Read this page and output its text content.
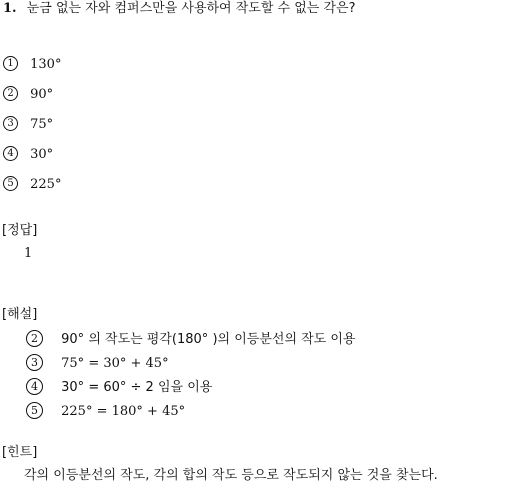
1. 눈금 없는 자와 컴퍼스만을 사용하여 작도할 수 없는 각은?
1 130°
2 90°
3 75°
4 30°
5 225°
[정답]
1
[해설]
2 90° 의 작도는 평각(180° )의 이등분선의 작도 이용
3 75° = 30° + 45°
4 30° = 60° ÷ 2 임을 이용
5 225° = 180° + 45°
[힌트]
각의 이등분선의 작도, 각의 합의 작도 등으로 작도되지 않는 것을 찾는다.
